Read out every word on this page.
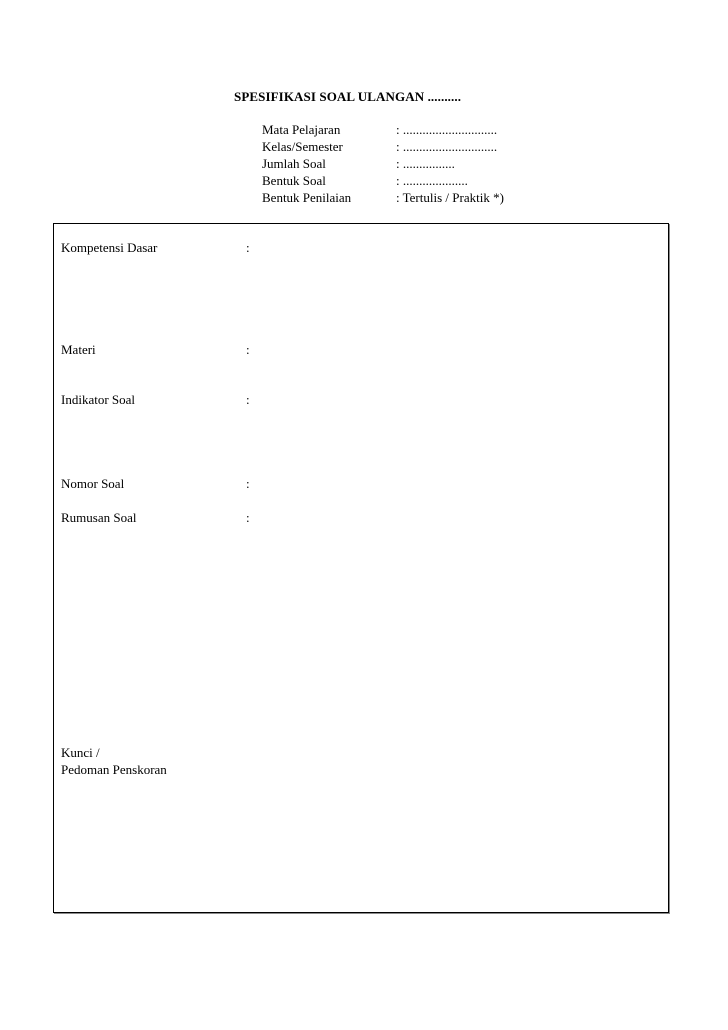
SPESIFIKASI SOAL ULANGAN ..........
Mata Pelajaran	: .............................
Kelas/Semester	: .............................
Jumlah Soal	: ................
Bentuk Soal	: ....................
Bentuk Penilaian	: Tertulis / Praktik *)
Kompetensi Dasar	:
Materi	:
Indikator Soal	:
Nomor Soal	:
Rumusan Soal	:
Kunci /
Pedoman Penskoran
